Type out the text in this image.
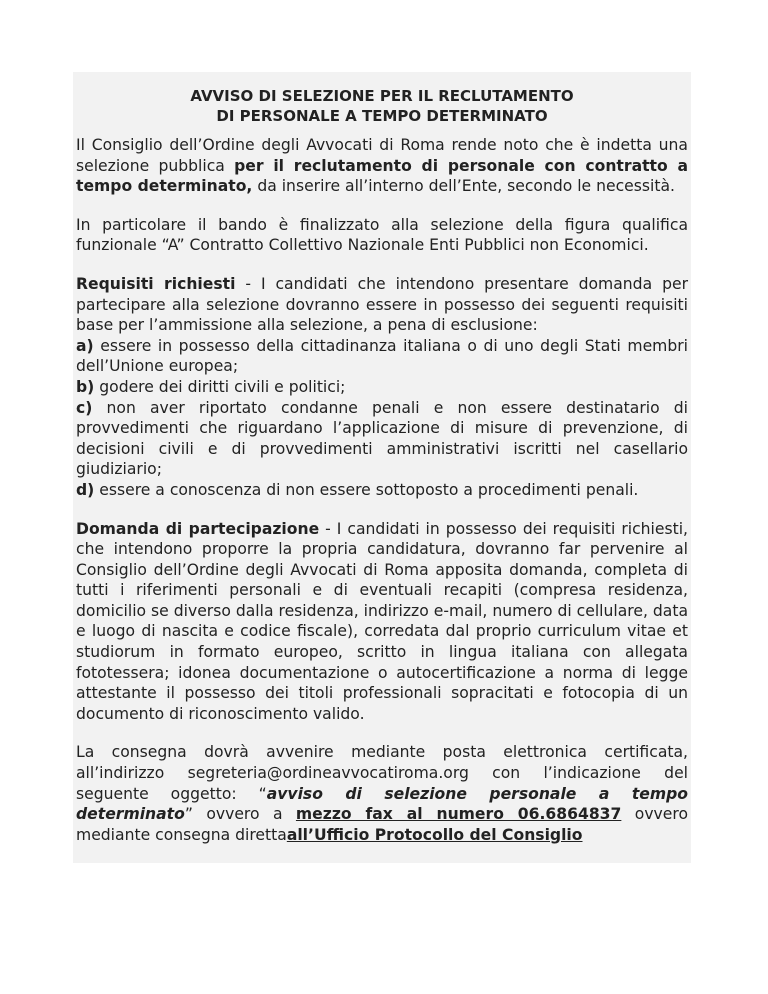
AVVISO DI SELEZIONE PER IL RECLUTAMENTO
DI PERSONALE A TEMPO DETERMINATO

Il Consiglio dell’Ordine degli Avvocati di Roma rende noto che è indetta una selezione pubblica per il reclutamento di personale con contratto a tempo determinato, da inserire all’interno dell’Ente, secondo le necessità.

In particolare il bando è finalizzato alla selezione della figura qualifica funzionale “A” Contratto Collettivo Nazionale Enti Pubblici non Economici.

Requisiti richiesti - I candidati che intendono presentare domanda per partecipare alla selezione dovranno essere in possesso dei seguenti requisiti base per l’ammissione alla selezione, a pena di esclusione:
a) essere in possesso della cittadinanza italiana o di uno degli Stati membri dell’Unione europea;
b) godere dei diritti civili e politici;
c) non aver riportato condanne penali e non essere destinatario di provvedimenti che riguardano l’applicazione di misure di prevenzione, di decisioni civili e di provvedimenti amministrativi iscritti nel casellario giudiziario;
d) essere a conoscenza di non essere sottoposto a procedimenti penali.

Domanda di partecipazione - I candidati in possesso dei requisiti richiesti, che intendono proporre la propria candidatura, dovranno far pervenire al Consiglio dell’Ordine degli Avvocati di Roma apposita domanda, completa di tutti i riferimenti personali e di eventuali recapiti (compresa residenza, domicilio se diverso dalla residenza, indirizzo e-mail, numero di cellulare, data e luogo di nascita e codice fiscale), corredata dal proprio curriculum vitae et studiorum in formato europeo, scritto in lingua italiana con allegata fototessera; idonea documentazione o autocertificazione a norma di legge attestante il possesso dei titoli professionali sopracitati e fotocopia di un documento di riconoscimento valido.

La consegna dovrà avvenire mediante posta elettronica certificata, all’indirizzo segreteria@ordineavvocatiroma.org con l’indicazione del seguente oggetto: “avviso di selezione personale a tempo determinato” ovvero a mezzo fax al numero 06.6864837 ovvero mediante consegna direttaall’Ufficio Protocollo del Consiglio
